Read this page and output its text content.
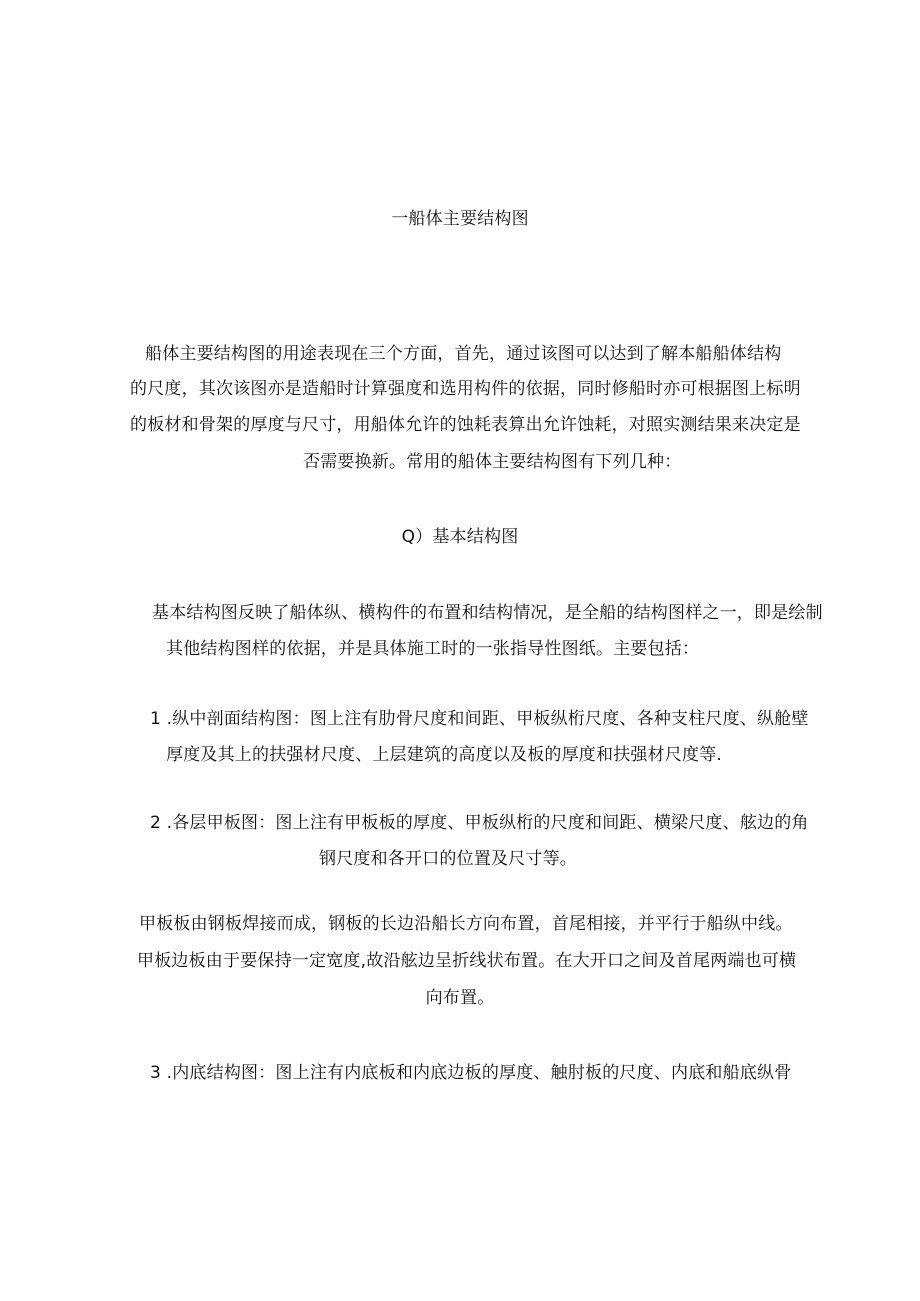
一船体主要结构图
船体主要结构图的用途表现在三个方面，首先，通过该图可以达到了解本船船体结构
的尺度，其次该图亦是造船时计算强度和选用构件的依据，同时修船时亦可根据图上标明
的板材和骨架的厚度与尺寸，用船体允许的蚀耗表算出允许蚀耗，对照实测结果来决定是
否需要换新。常用的船体主要结构图有下列几种：
Q）基本结构图
基本结构图反映了船体纵、横构件的布置和结构情况，是全船的结构图样之一，即是绘制
其他结构图样的依据，并是具体施工时的一张指导性图纸。主要包括：
1 .纵中剖面结构图：图上注有肋骨尺度和间距、甲板纵桁尺度、各种支柱尺度、纵舱壁
厚度及其上的扶强材尺度、上层建筑的高度以及板的厚度和扶强材尺度等.
2 .各层甲板图：图上注有甲板板的厚度、甲板纵桁的尺度和间距、横梁尺度、舷边的角
钢尺度和各开口的位置及尺寸等。
甲板板由钢板焊接而成，钢板的长边沿船长方向布置，首尾相接，并平行于船纵中线。
甲板边板由于要保持一定宽度,故沿舷边呈折线状布置。在大开口之间及首尾两端也可横
向布置。
3 .内底结构图：图上注有内底板和内底边板的厚度、触肘板的尺度、内底和船底纵骨
